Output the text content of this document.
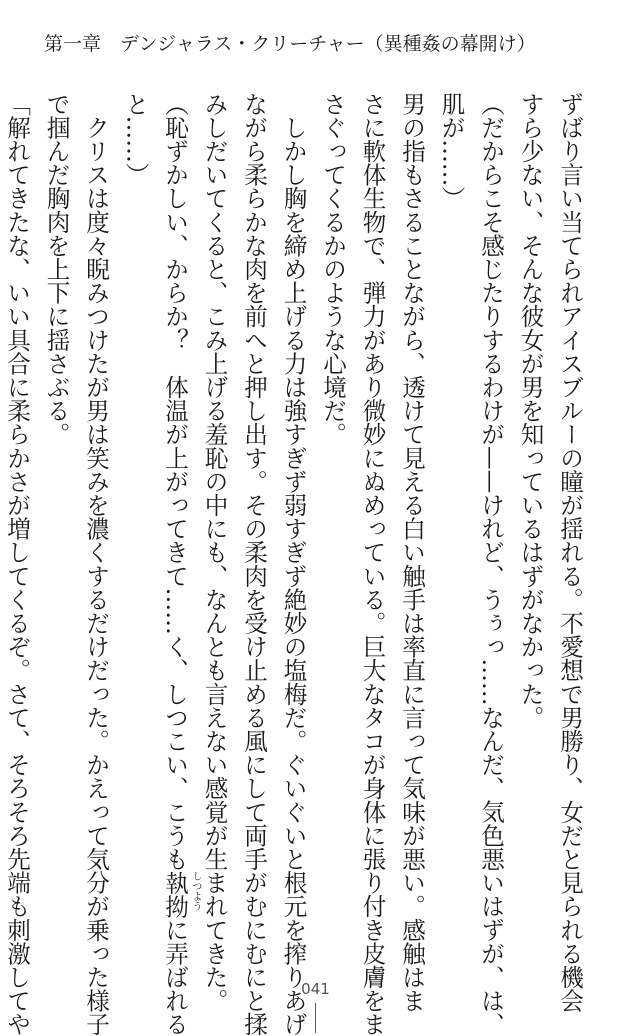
第一章　デンジャラス・クリーチャー（異種姦の幕開け）
ずばり言い当てられアイスブルーの瞳が揺れる。不愛想で男勝り、女だと見られる機会
すら少ない、そんな彼女が男を知っているはずがなかった。
（だからこそ感じたりするわけが——けれど、うぅっ……なんだ、気色悪いはずが、は、
肌が……）
男の指もさることながら、透けて見える白い触手は率直に言って気味が悪い。感触はま
さに軟体生物で、弾力があり微妙にぬめっている。巨大なタコが身体に張り付き皮膚をま
さぐってくるかのような心境だ。
　しかし胸を締め上げる力は強すぎず弱すぎず絶妙の塩梅だ。ぐいぐいと根元を搾りあげ
ながら柔らかな肉を前へと押し出す。その柔肉を受け止める風にして両手がむにむにと揉
みしだいてくると、こみ上げる羞恥の中にも、なんとも言えない感覚が生まれてきた。
（恥ずかしい、からか？　体温が上がってきて……く、しつこい、こうも執拗 しつよう
に弄ばれる
と……）
　クリスは度々睨みつけたが男は笑みを濃くするだけだった。かえって気分が乗った様子
で掴んだ胸肉を上下に揺さぶる。
「解れてきたな、いい具合に柔らかさが増してくるぞ。さて、そろそろ先端も刺激してや	041
